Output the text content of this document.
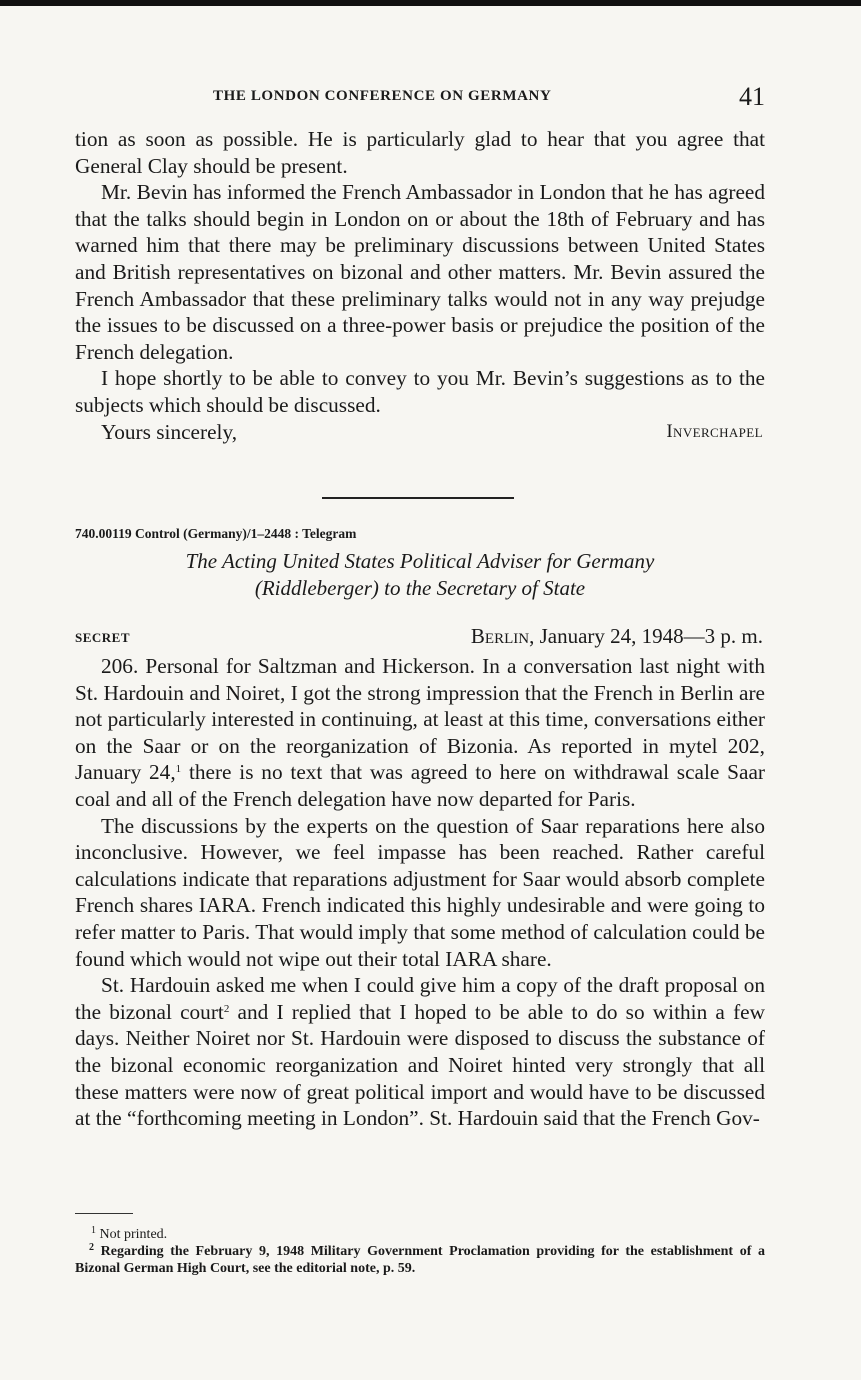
THE LONDON CONFERENCE ON GERMANY	41

tion as soon as possible. He is particularly glad to hear that you agree that General Clay should be present.

Mr. Bevin has informed the French Ambassador in London that he has agreed that the talks should begin in London on or about the 18th of February and has warned him that there may be preliminary discussions between United States and British representatives on bizonal and other matters. Mr. Bevin assured the French Ambassador that these preliminary talks would not in any way prejudge the issues to be discussed on a three-power basis or prejudice the position of the French delegation.

I hope shortly to be able to convey to you Mr. Bevin’s suggestions as to the subjects which should be discussed.

Yours sincerely,	Inverchapel
740.00119 Control (Germany)/1–2448 : Telegram
The Acting United States Political Adviser for Germany
(Riddleberger) to the Secretary of State
SECRET	Berlin, January 24, 1948—3 p. m.

206. Personal for Saltzman and Hickerson. In a conversation last night with St. Hardouin and Noiret, I got the strong impression that the French in Berlin are not particularly interested in continuing, at least at this time, conversations either on the Saar or on the reorganization of Bizonia. As reported in mytel 202, January 24,$^1$ there is no text that was agreed to here on withdrawal scale Saar coal and all of the French delegation have now departed for Paris.

The discussions by the experts on the question of Saar reparations here also inconclusive. However, we feel impasse has been reached. Rather careful calculations indicate that reparations adjustment for Saar would absorb complete French shares IARA. French indicated this highly undesirable and were going to refer matter to Paris. That would imply that some method of calculation could be found which would not wipe out their total IARA share.

St. Hardouin asked me when I could give him a copy of the draft proposal on the bizonal court$^2$ and I replied that I hoped to be able to do so within a few days. Neither Noiret nor St. Hardouin were disposed to discuss the substance of the bizonal economic reorganization and Noiret hinted very strongly that all these matters were now of great political import and would have to be discussed at the “forthcoming meeting in London”. St. Hardouin said that the French Gov-

$^1$ Not printed.

$^2$ Regarding the February 9, 1948 Military Government Proclamation providing for the establishment of a Bizonal German High Court, see the editorial note, p. 59.
